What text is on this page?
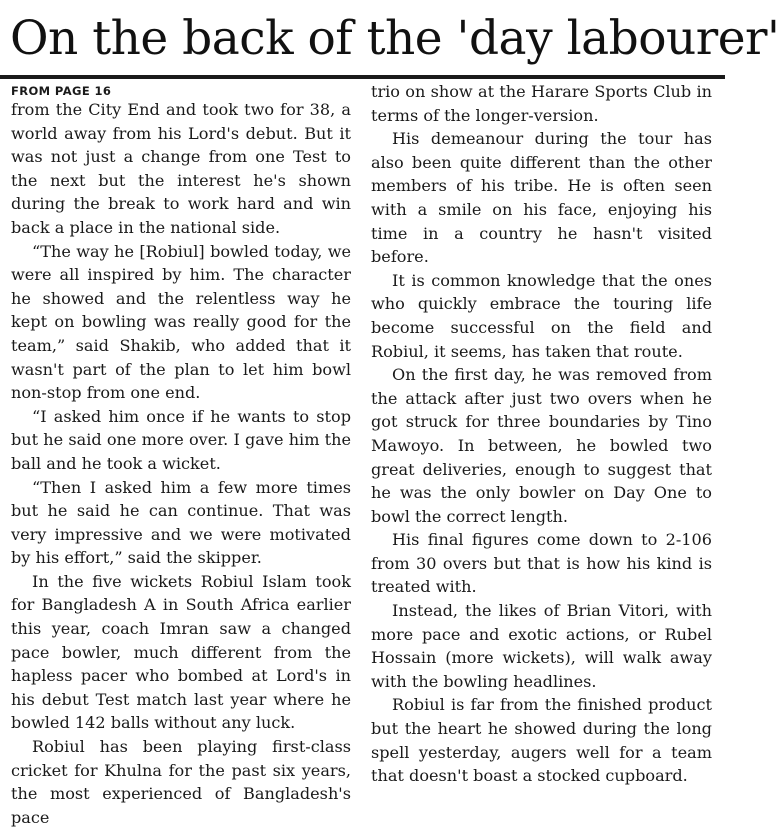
On the back of the 'day labourer'
FROM PAGE 16

from the City End and took two for 38, a world away from his Lord's debut. But it was not just a change from one Test to the next but the interest he's shown during the break to work hard and win back a place in the national side.

“The way he [Robiul] bowled today, we were all inspired by him. The character he showed and the relentless way he kept on bowling was really good for the team,” said Shakib, who added that it wasn't part of the plan to let him bowl non-stop from one end.

“I asked him once if he wants to stop but he said one more over. I gave him the ball and he took a wicket.

“Then I asked him a few more times but he said he can continue. That was very impressive and we were motivated by his effort,” said the skipper.

In the five wickets Robiul Islam took for Bangladesh A in South Africa earlier this year, coach Imran saw a changed pace bowler, much different from the hapless pacer who bombed at Lord's in his debut Test match last year where he bowled 142 balls without any luck.

Robiul has been playing first-class cricket for Khulna for the past six years, the most experienced of Bangladesh's pace

trio on show at the Harare Sports Club in terms of the longer-version.

His demeanour during the tour has also been quite different than the other members of his tribe. He is often seen with a smile on his face, enjoying his time in a country he hasn't visited before.

It is common knowledge that the ones who quickly embrace the touring life become successful on the field and Robiul, it seems, has taken that route.

On the first day, he was removed from the attack after just two overs when he got struck for three boundaries by Tino Mawoyo. In between, he bowled two great deliveries, enough to suggest that he was the only bowler on Day One to bowl the correct length.

His final figures come down to 2-106 from 30 overs but that is how his kind is treated with.

Instead, the likes of Brian Vitori, with more pace and exotic actions, or Rubel Hossain (more wickets), will walk away with the bowling headlines.

Robiul is far from the finished product but the heart he showed during the long spell yesterday, augers well for a team that doesn't boast a stocked cupboard.
